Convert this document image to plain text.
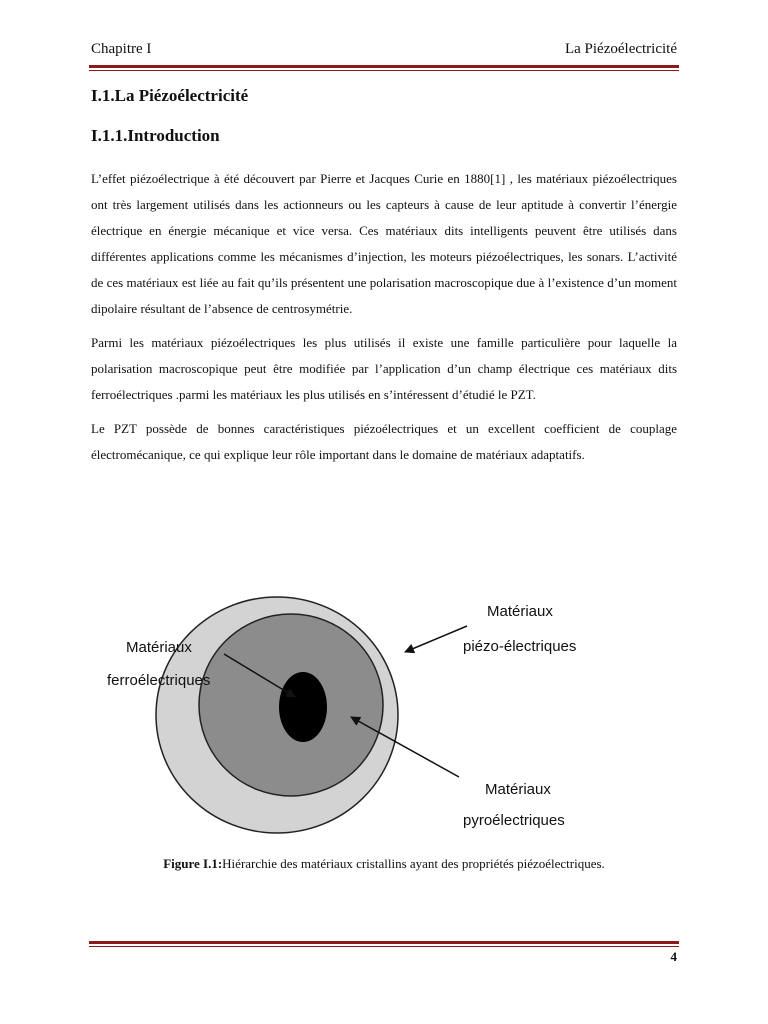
Chapitre I	La Piézoélectricité
I.1.La Piézoélectricité
I.1.1.Introduction

L’effet piézoélectrique à été découvert par Pierre et Jacques Curie en 1880[1] , les matériaux piézoélectriques ont très largement utilisés dans les actionneurs ou les capteurs à cause de leur aptitude à convertir l’énergie électrique en énergie mécanique et vice versa. Ces matériaux dits intelligents peuvent être utilisés dans différentes applications comme les mécanismes d’injection, les moteurs piézoélectriques, les sonars. L’activité de ces matériaux est liée au fait qu’ils présentent une polarisation macroscopique due à l’existence d’un moment dipolaire résultant de l’absence de centrosymétrie.

Parmi les matériaux piézoélectriques les plus utilisés il existe une famille particulière pour laquelle la polarisation macroscopique peut être modifiée par l’application d’un champ électrique ces matériaux dits ferroélectriques .parmi les matériaux les plus utilisés en s’intéressent d’étudié le PZT.

Le PZT possède de bonnes caractéristiques piézoélectriques et un excellent coefficient de couplage électromécanique, ce qui explique leur rôle important dans le domaine de matériaux adaptatifs.

Matériaux
piézo-électriques
Matériaux
ferroélectriques
Matériaux
pyroélectriques
Figure I.1:Hiérarchie des matériaux cristallins ayant des propriétés piézoélectriques.
4
